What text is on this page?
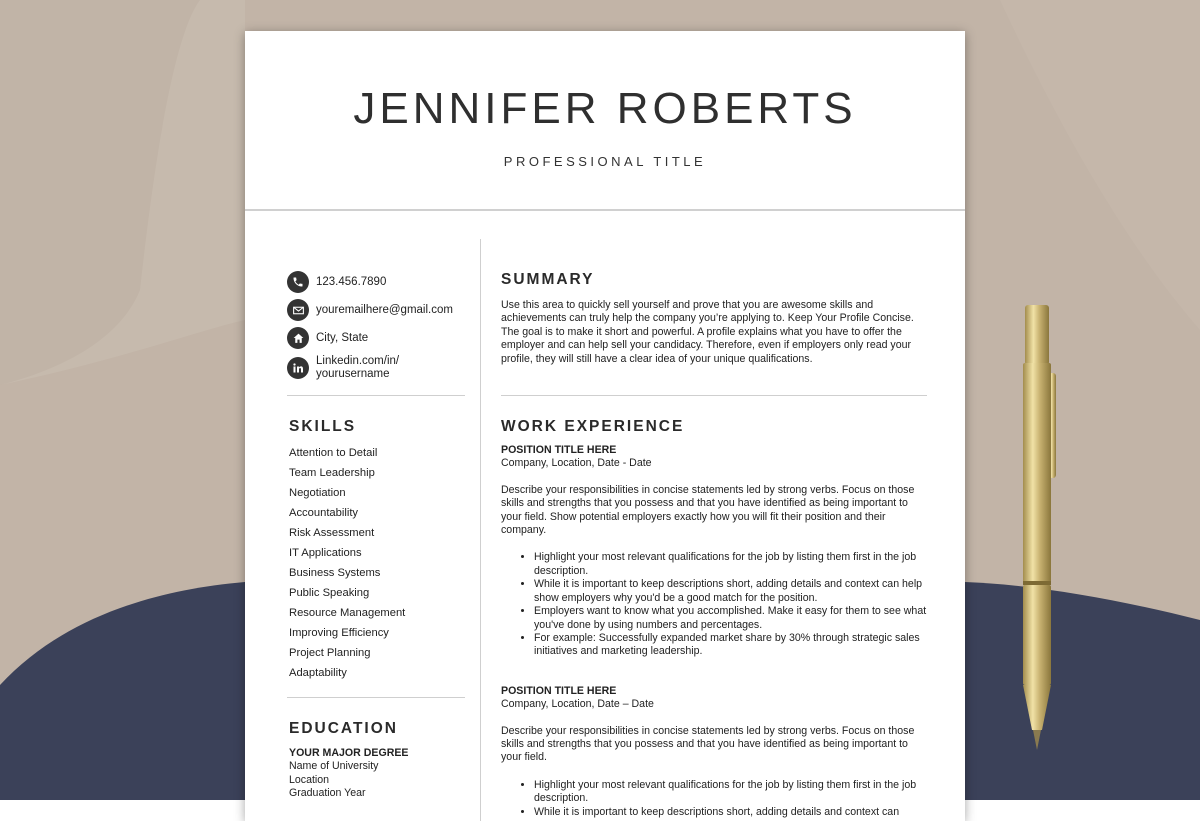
JENNIFER ROBERTS
PROFESSIONAL TITLE
123.456.7890
youremailhere@gmail.com
City, State
Linkedin.com/in/
yourusername
SKILLS
Attention to Detail
Team Leadership
Negotiation
Accountability
Risk Assessment
IT Applications
Business Systems
Public Speaking
Resource Management
Improving Efficiency
Project Planning
Adaptability
EDUCATION
YOUR MAJOR DEGREE
Name of University
Location
Graduation Year
SUMMARY
Use this area to quickly sell yourself and prove that you are awesome skills and achievements can truly help the company you’re applying to. Keep Your Profile Concise. The goal is to make it short and powerful. A profile explains what you have to offer the employer and can help sell your candidacy. Therefore, even if employers only read your profile, they will still have a clear idea of your unique qualifications.
WORK EXPERIENCE
POSITION TITLE HERE
Company, Location, Date - Date
Describe your responsibilities in concise statements led by strong verbs. Focus on those skills and strengths that you possess and that you have identified as being important to your field. Show potential employers exactly how you will fit their position and their company.
• Highlight your most relevant qualifications for the job by listing them first in the job description.
• While it is important to keep descriptions short, adding details and context can help show employers why you'd be a good match for the position.
• Employers want to know what you accomplished. Make it easy for them to see what you've done by using numbers and percentages.
• For example: Successfully expanded market share by 30% through strategic sales initiatives and marketing leadership.
POSITION TITLE HERE
Company, Location, Date – Date
Describe your responsibilities in concise statements led by strong verbs. Focus on those skills and strengths that you possess and that you have identified as being important to your field.
• Highlight your most relevant qualifications for the job by listing them first in the job description.
• While it is important to keep descriptions short, adding details and context can
